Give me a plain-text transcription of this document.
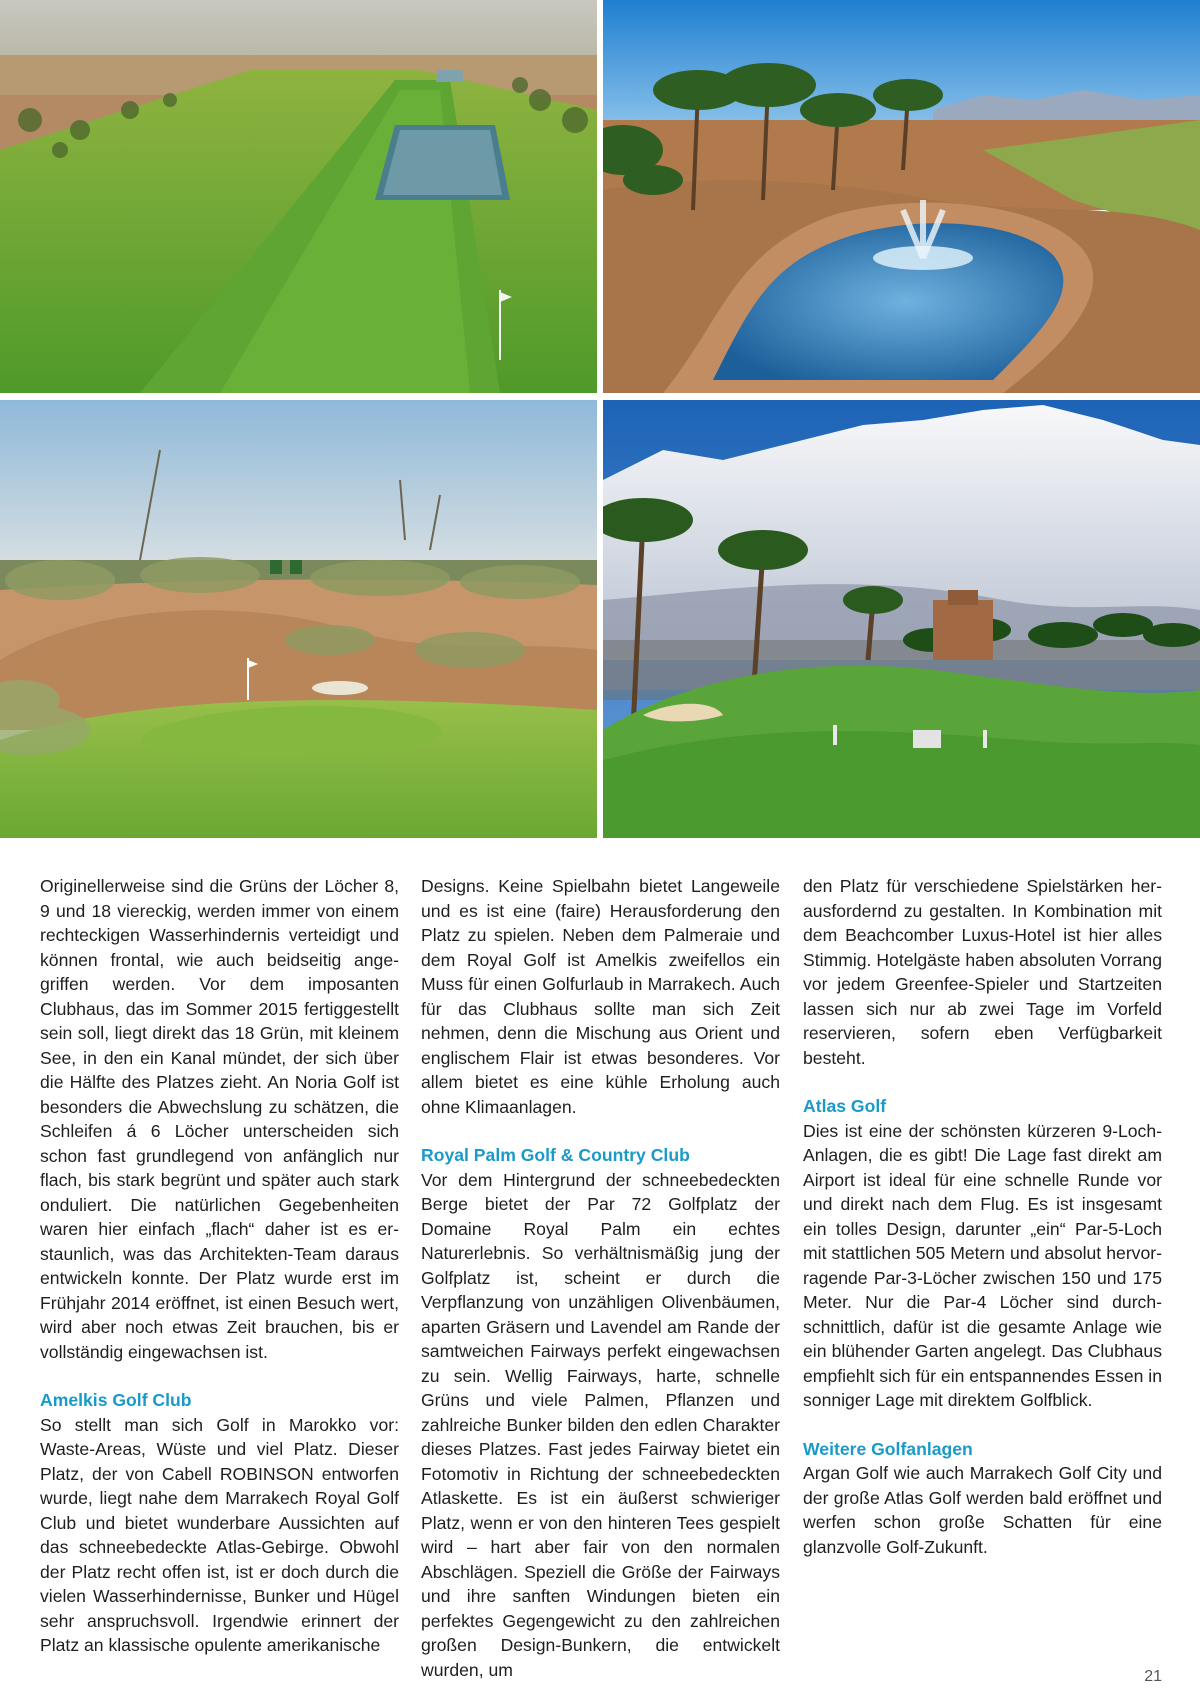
Originellerweise sind die Grüns der Löcher 8, 9 und 18 viereckig, werden immer von einem rechteckigen Wasserhindernis verteidigt und können frontal, wie auch beidseitig angegriffen werden. Vor dem imposanten Clubhaus, das im Sommer 2015 fertiggestellt sein soll, liegt direkt das 18 Grün, mit kleinem See, in den ein Kanal mündet, der sich über die Hälfte des Platzes zieht. An Noria Golf ist besonders die Abwechslung zu schätzen, die Schleifen á 6 Löcher unterscheiden sich schon fast grundlegend von anfänglich nur flach, bis stark begrünt und später auch stark onduliert. Die natürlichen Gegebenheiten waren hier einfach „flach“ daher ist es erstaunlich, was das Architekten-Team daraus entwickeln konnte. Der Platz wurde erst im Frühjahr 2014 eröffnet, ist einen Besuch wert, wird aber noch etwas Zeit brauchen, bis er vollständig eingewachsen ist.

Amelkis Golf Club

So stellt man sich Golf in Marokko vor: Waste-Areas, Wüste und viel Platz. Dieser Platz, der von Cabell ROBINSON entworfen wurde, liegt nahe dem Marrakech Royal Golf Club und bietet wunderbare Aussichten auf das schneebedeckte Atlas-Gebirge. Obwohl der Platz recht offen ist, ist er doch durch die vielen Wasserhindernisse, Bunker und Hügel sehr anspruchsvoll. Irgendwie erinnert der Platz an klassische opulente amerikanische

Designs. Keine Spielbahn bietet Langeweile und es ist eine (faire) Herausforderung den Platz zu spielen. Neben dem Palmeraie und dem Royal Golf ist Amelkis zweifellos ein Muss für einen Golfurlaub in Marrakech. Auch für das Clubhaus sollte man sich Zeit nehmen, denn die Mischung aus Orient und englischem Flair ist etwas besonderes. Vor allem bietet es eine kühle Erholung auch ohne Klimaanlagen.

Royal Palm Golf & Country Club

Vor dem Hintergrund der schneebedeckten Berge bietet der Par 72 Golfplatz der Domaine Royal Palm ein echtes Naturerlebnis. So verhältnismäßig jung der Golfplatz ist, scheint er durch die Verpflanzung von unzähligen Olivenbäumen, aparten Gräsern und Lavendel am Rande der samtweichen Fairways perfekt eingewachsen zu sein. Wellig Fairways, harte, schnelle Grüns und viele Palmen, Pflanzen und zahlreiche Bunker bilden den edlen Charakter dieses Platzes. Fast jedes Fairway bietet ein Fotomotiv in Richtung der schneebedeckten Atlaskette. Es ist ein äußerst schwieriger Platz, wenn er von den hinteren Tees gespielt wird – hart aber fair von den normalen Abschlägen. Speziell die Größe der Fairways und ihre sanften Windungen bieten ein perfektes Gegengewicht zu den zahlreichen großen Design-Bunkern, die entwickelt wurden, um

den Platz für verschiedene Spielstärken herausfordernd zu gestalten. In Kombination mit dem Beachcomber Luxus-Hotel ist hier alles Stimmig. Hotelgäste haben absoluten Vorrang vor jedem Greenfee-Spieler und Startzeiten lassen sich nur ab zwei Tage im Vorfeld reservieren, sofern eben Verfügbarkeit besteht.

Atlas Golf

Dies ist eine der schönsten kürzeren 9-Loch-Anlagen, die es gibt! Die Lage fast direkt am Airport ist ideal für eine schnelle Runde vor und direkt nach dem Flug. Es ist insgesamt ein tolles Design, darunter „ein“ Par-5-Loch mit stattlichen 505 Metern und absolut hervorragende Par-3-Löcher zwischen 150 und 175 Meter. Nur die Par-4 Löcher sind durchschnittlich, dafür ist die gesamte Anlage wie ein blühender Garten angelegt. Das Clubhaus empfiehlt sich für ein entspannendes Essen in sonniger Lage mit direktem Golfblick.

Weitere Golfanlagen

Argan Golf wie auch Marrakech Golf City und der große Atlas Golf werden bald eröffnet und werfen schon große Schatten für eine glanzvolle Golf-Zukunft.

21
